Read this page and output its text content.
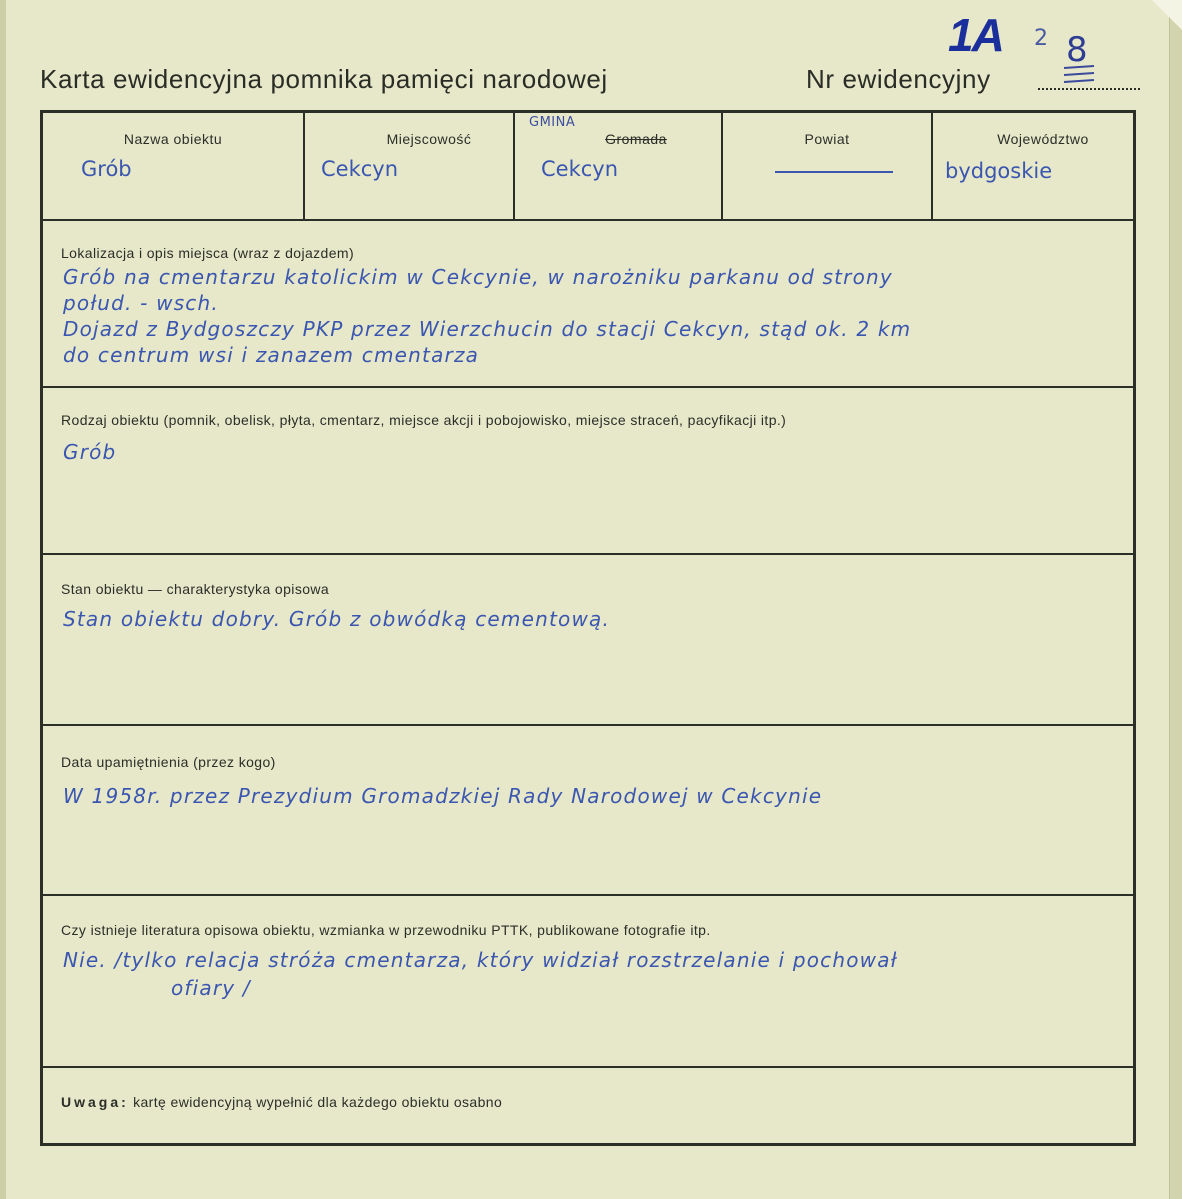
Karta ewidencyjna pomnika pamięci narodowej	Nr ewidencyjny
1A 2 8
Nazwa obiektu
Grób
Miejscowość
Cekcyn
GMINA
Gromada
Cekcyn
Powiat	Województwo
bydgoskie
Lokalizacja i opis miejsca (wraz z dojazdem)
Grób na cmentarzu katolickim w Cekcynie, w narożniku parkanu od strony
połud. - wsch.
Dojazd z Bydgoszczy PKP przez Wierzchucin do stacji Cekcyn, stąd ok. 2 km
do centrum wsi i zanazem cmentarza
Rodzaj obiektu (pomnik, obelisk, płyta, cmentarz, miejsce akcji i pobojowisko, miejsce straceń, pacyfikacji itp.)
Grób
Stan obiektu — charakterystyka opisowa
Stan obiektu dobry. Grób z obwódką cementową.
Data upamiętnienia (przez kogo)
W 1958r. przez Prezydium Gromadzkiej Rady Narodowej w Cekcynie
Czy istnieje literatura opisowa obiektu, wzmianka w przewodniku PTTK, publikowane fotografie itp.
Nie. /tylko relacja stróża cmentarza, który widział rozstrzelanie i pochował
ofiary /
Uwaga: kartę ewidencyjną wypełnić dla każdego obiektu osabno
